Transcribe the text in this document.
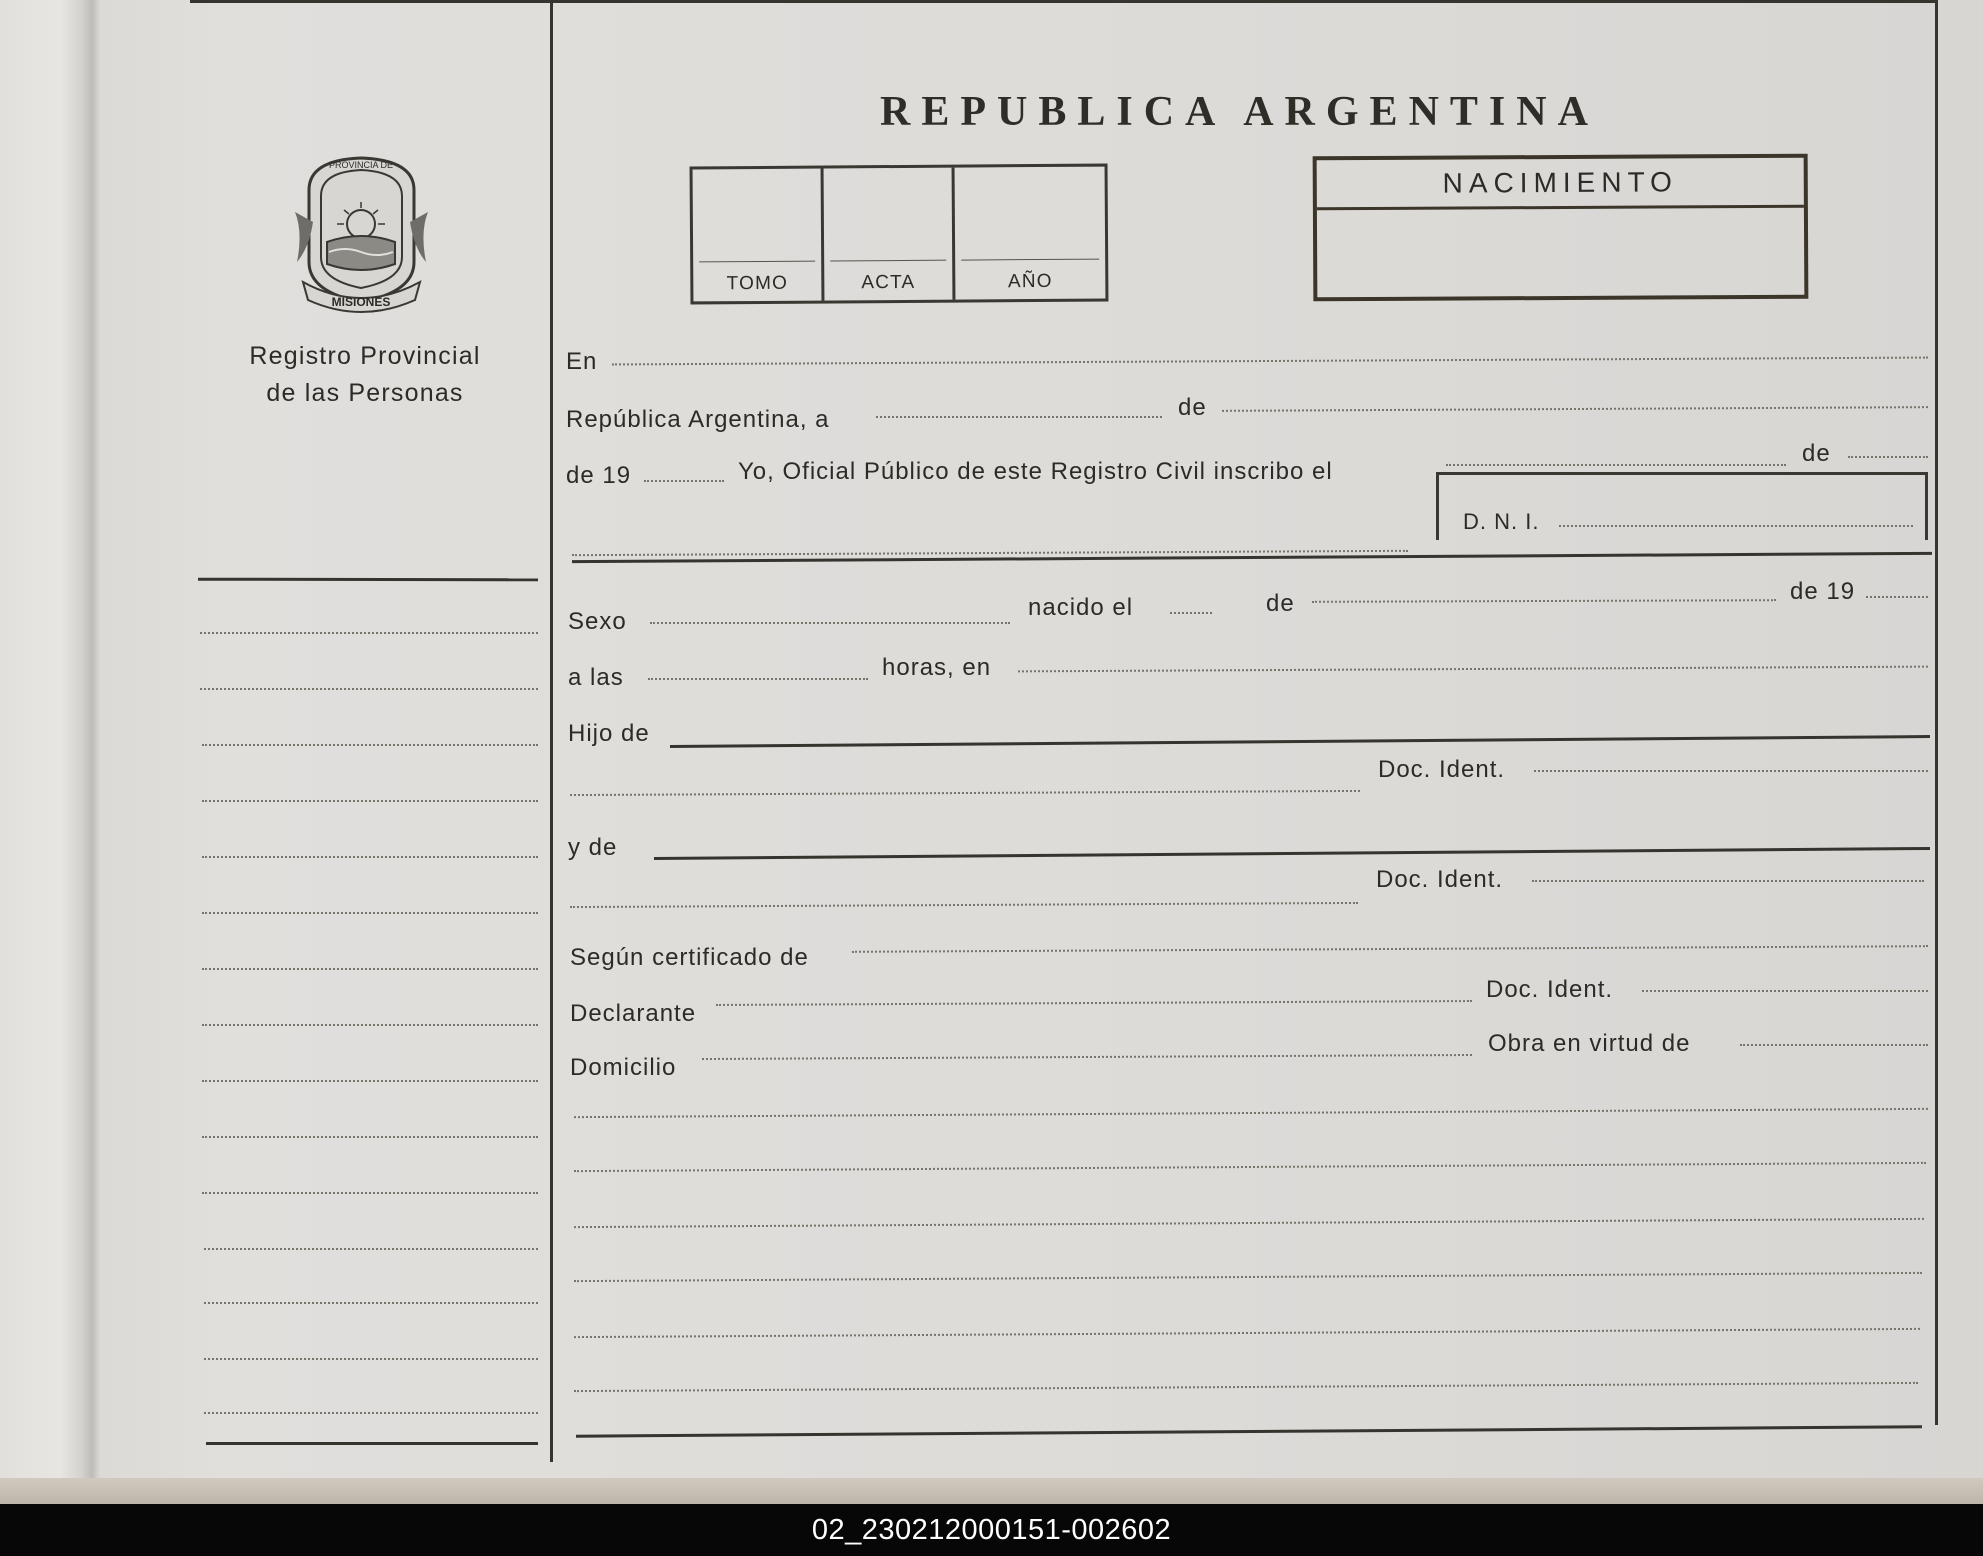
MISIONES
PROVINCIA DE
Registro Provincial
de las Personas
REPUBLICA ARGENTINA
TOMO	ACTA	AÑO
NACIMIENTO
En
República Argentina, a	de
de 19	Yo, Oficial Público de este Registro Civil inscribo el
de
D. N. I.
Sexo
nacido el	de	de 19
a las	horas, en
Hijo de
Doc. Ident.
y de
Doc. Ident.
Según certificado de
Declarante
Doc. Ident.
Domicilio
Obra en virtud de
02_230212000151-002602
